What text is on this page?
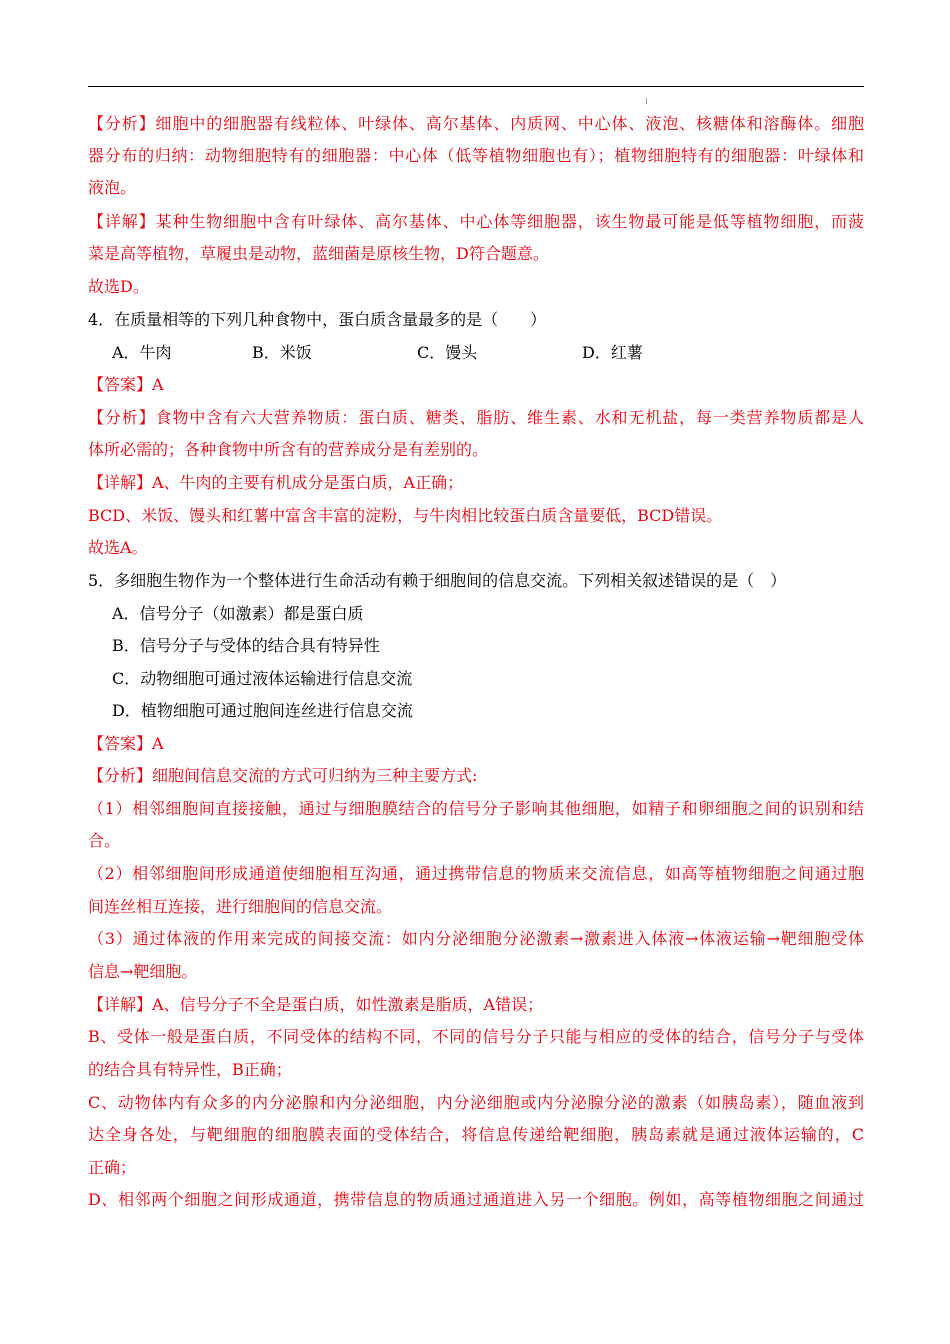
【分析】细胞中的细胞器有线粒体、叶绿体、高尔基体、内质网、中心体、液泡、核糖体和溶酶体。细胞
器分布的归纳：动物细胞特有的细胞器：中心体（低等植物细胞也有）；植物细胞特有的细胞器：叶绿体和
液泡。
【详解】某种生物细胞中含有叶绿体、高尔基体、中心体等细胞器，该生物最可能是低等植物细胞，而菠
菜是高等植物，草履虫是动物，蓝细菌是原核生物，D符合题意。
故选D。
4．在质量相等的下列几种食物中，蛋白质含量最多的是（　　）
A．牛肉	B．米饭	C．馒头	D．红薯
【答案】A
【分析】食物中含有六大营养物质：蛋白质、糖类、脂肪、维生素、水和无机盐，每一类营养物质都是人
体所必需的；各种食物中所含有的营养成分是有差别的。
【详解】A、牛肉的主要有机成分是蛋白质，A正确；
BCD、米饭、馒头和红薯中富含丰富的淀粉，与牛肉相比较蛋白质含量要低，BCD错误。
故选A。
5．多细胞生物作为一个整体进行生命活动有赖于细胞间的信息交流。下列相关叙述错误的是（　）
A．信号分子（如激素）都是蛋白质
B．信号分子与受体的结合具有特异性
C．动物细胞可通过液体运输进行信息交流
D．植物细胞可通过胞间连丝进行信息交流
【答案】A
【分析】细胞间信息交流的方式可归纳为三种主要方式:
（1）相邻细胞间直接接触，通过与细胞膜结合的信号分子影响其他细胞，如精子和卵细胞之间的识别和结
合。
（2）相邻细胞间形成通道使细胞相互沟通，通过携带信息的物质来交流信息，如高等植物细胞之间通过胞
间连丝相互连接，进行细胞间的信息交流。
（3）通过体液的作用来完成的间接交流：如内分泌细胞分泌激素→激素进入体液→体液运输→靶细胞受体
信息→靶细胞。
【详解】A、信号分子不全是蛋白质，如性激素是脂质，A错误；
B、受体一般是蛋白质，不同受体的结构不同，不同的信号分子只能与相应的受体的结合，信号分子与受体
的结合具有特异性，B正确；
C、动物体内有众多的内分泌腺和内分泌细胞，内分泌细胞或内分泌腺分泌的激素（如胰岛素），随血液到
达全身各处，与靶细胞的细胞膜表面的受体结合，将信息传递给靶细胞，胰岛素就是通过液体运输的，C
正确；
D、相邻两个细胞之间形成通道，携带信息的物质通过通道进入另一个细胞。例如，高等植物细胞之间通过
